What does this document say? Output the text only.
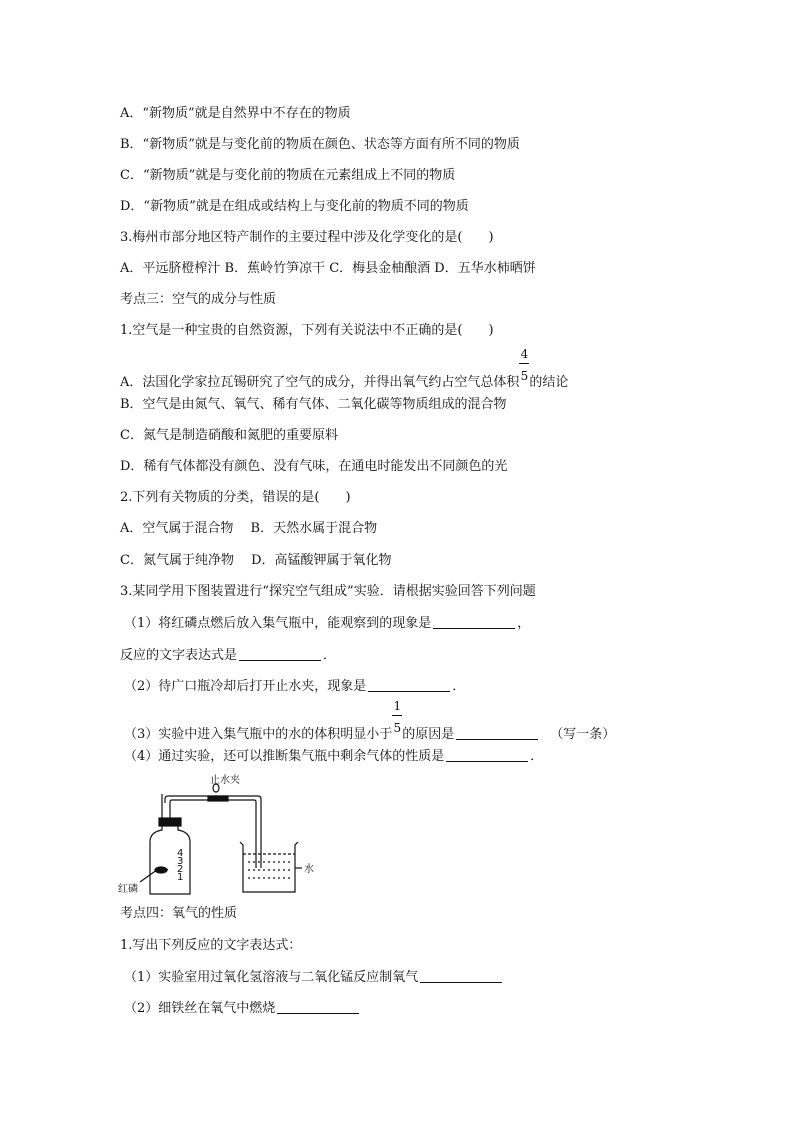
A．“新物质”就是自然界中不存在的物质
B．“新物质”就是与变化前的物质在颜色、状态等方面有所不同的物质
C．“新物质”就是与变化前的物质在元素组成上不同的物质
D．“新物质”就是在组成或结构上与变化前的物质不同的物质
3.梅州市部分地区特产制作的主要过程中涉及化学变化的是(　　)
A．平远脐橙榨汁 B．蕉岭竹笋凉干 C．梅县金柚酿酒 D．五华水柿晒饼
考点三：空气的成分与性质
1.空气是一种宝贵的自然资源，下列有关说法中不正确的是(　　)
A．法国化学家拉瓦锡研究了空气的成分，并得出氧气约占空气总体积 $\frac{4}{5}$ 的结论
B．空气是由氮气、氧气、稀有气体、二氧化碳等物质组成的混合物
C．氮气是制造硝酸和氮肥的重要原料
D．稀有气体都没有颜色、没有气味，在通电时能发出不同颜色的光
2.下列有关物质的分类，错误的是(　　)
A．空气属于混合物　 B．天然水属于混合物
C．氮气属于纯净物　 D．高锰酸钾属于氧化物
3.某同学用下图装置进行“探究空气组成”实验．请根据实验回答下列问题
（1）将红磷点燃后放入集气瓶中，能观察到的现象是	，
反应的文字表达式是	．
（2）待广口瓶冷却后打开止水夹，现象是	．
（3）实验中进入集气瓶中的水的体积明显小于 $\frac{1}{5}$ 的原因是	（写一条）
（4）通过实验，还可以推断集气瓶中剩余气体的性质是	．
止水夹
水
红磷
4
3
2
1
考点四：氧气的性质
1.写出下列反应的文字表达式：
（1）实验室用过氧化氢溶液与二氧化锰反应制氧气
（2）细铁丝在氧气中燃烧
